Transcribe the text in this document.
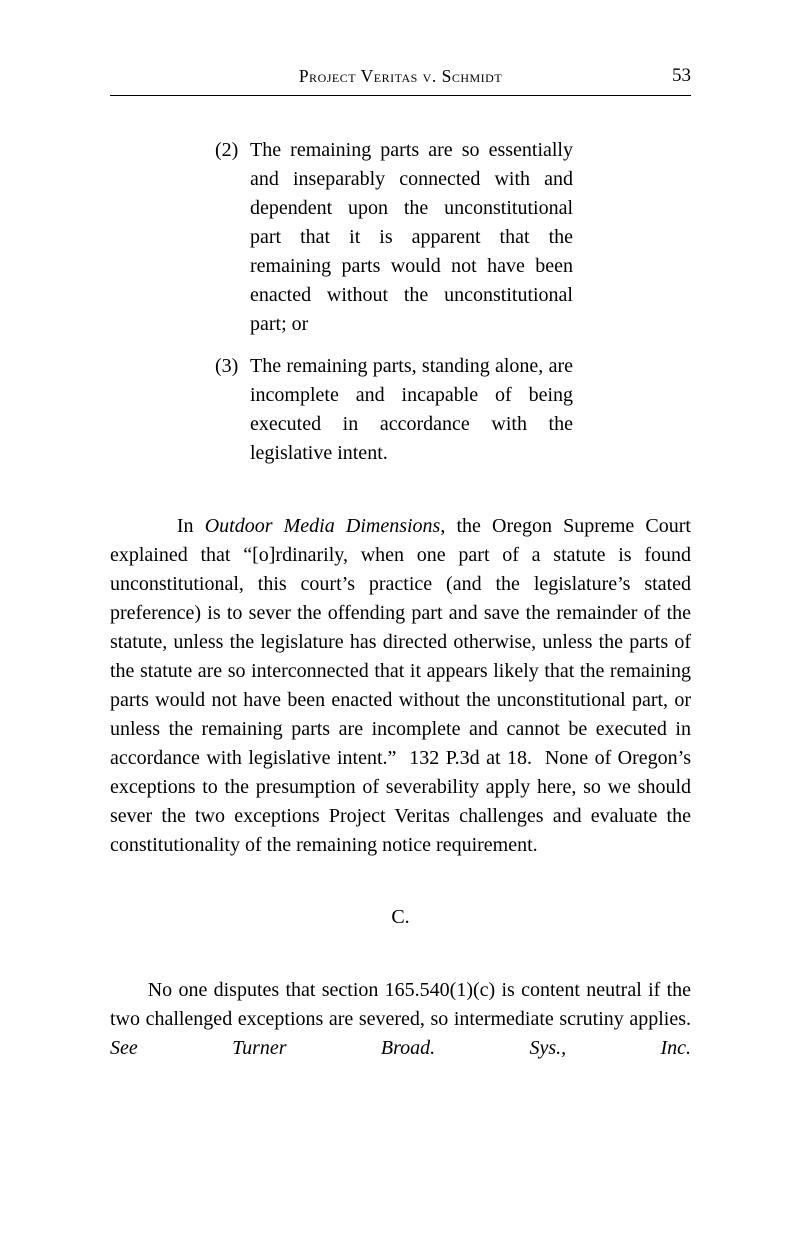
Project Veritas v. Schmidt	53
(2) The remaining parts are so essentially and inseparably connected with and dependent upon the unconstitutional part that it is apparent that the remaining parts would not have been enacted without the unconstitutional part; or
(3) The remaining parts, standing alone, are incomplete and incapable of being executed in accordance with the legislative intent.

In Outdoor Media Dimensions, the Oregon Supreme Court explained that “[o]rdinarily, when one part of a statute is found unconstitutional, this court’s practice (and the legislature’s stated preference) is to sever the offending part and save the remainder of the statute, unless the legislature has directed otherwise, unless the parts of the statute are so interconnected that it appears likely that the remaining parts would not have been enacted without the unconstitutional part, or unless the remaining parts are incomplete and cannot be executed in accordance with legislative intent.”  132 P.3d at 18.  None of Oregon’s exceptions to the presumption of severability apply here, so we should sever the two exceptions Project Veritas challenges and evaluate the constitutionality of the remaining notice requirement.

C.

No one disputes that section 165.540(1)(c) is content neutral if the two challenged exceptions are severed, so intermediate scrutiny applies.  See Turner Broad. Sys., Inc.
